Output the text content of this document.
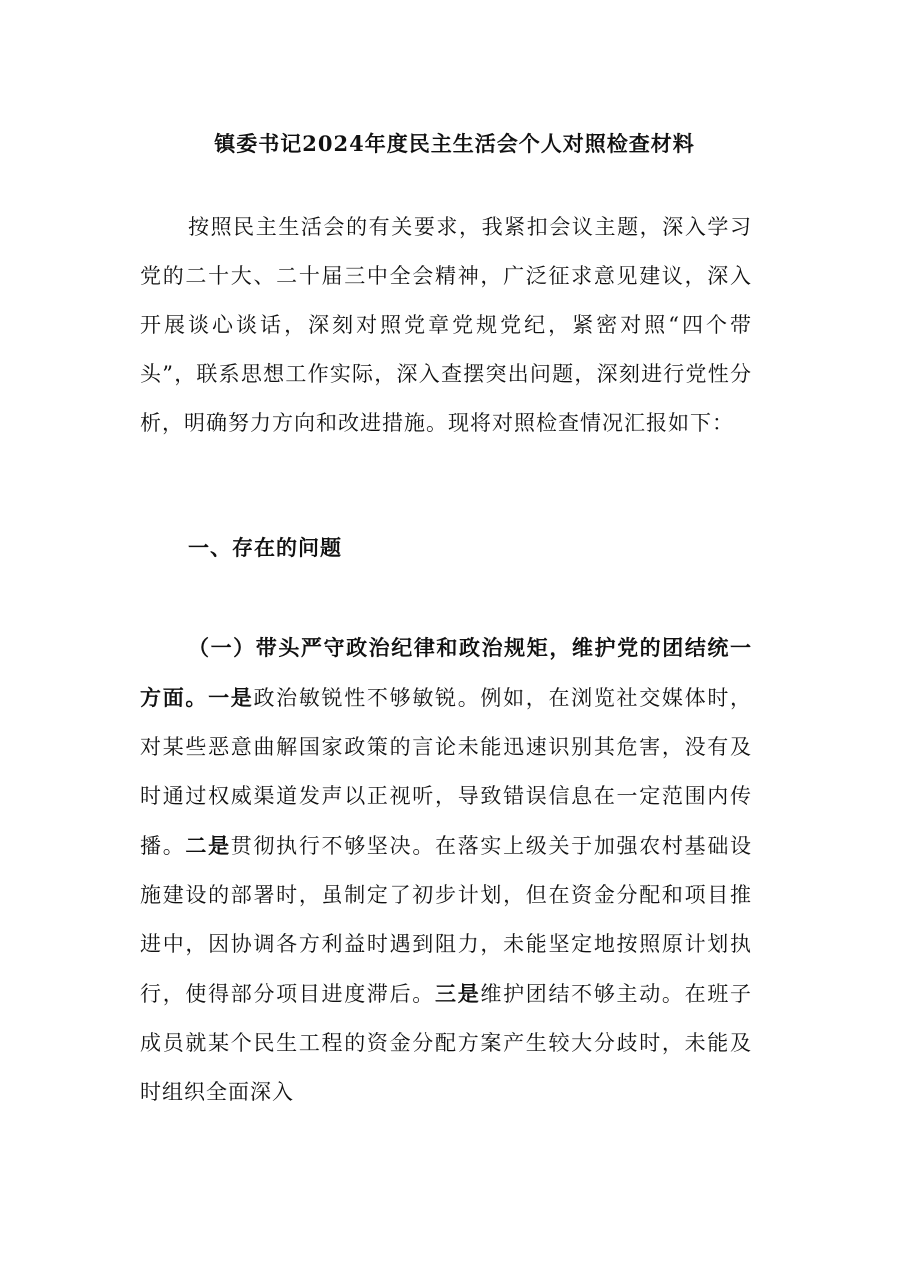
镇委书记2024年度民主生活会个人对照检查材料
按照民主生活会的有关要求，我紧扣会议主题，深入学习党的二十大、二十届三中全会精神，广泛征求意见建议，深入开展谈心谈话，深刻对照党章党规党纪，紧密对照“四个带头”，联系思想工作实际，深入查摆突出问题，深刻进行党性分析，明确努力方向和改进措施。现将对照检查情况汇报如下：
一、存在的问题
（一）带头严守政治纪律和政治规矩，维护党的团结统一方面。一是政治敏锐性不够敏锐。例如，在浏览社交媒体时，对某些恶意曲解国家政策的言论未能迅速识别其危害，没有及时通过权威渠道发声以正视听，导致错误信息在一定范围内传播。二是贯彻执行不够坚决。在落实上级关于加强农村基础设施建设的部署时，虽制定了初步计划，但在资金分配和项目推进中，因协调各方利益时遇到阻力，未能坚定地按照原计划执行，使得部分项目进度滞后。三是维护团结不够主动。在班子成员就某个民生工程的资金分配方案产生较大分歧时，未能及时组织全面深入
